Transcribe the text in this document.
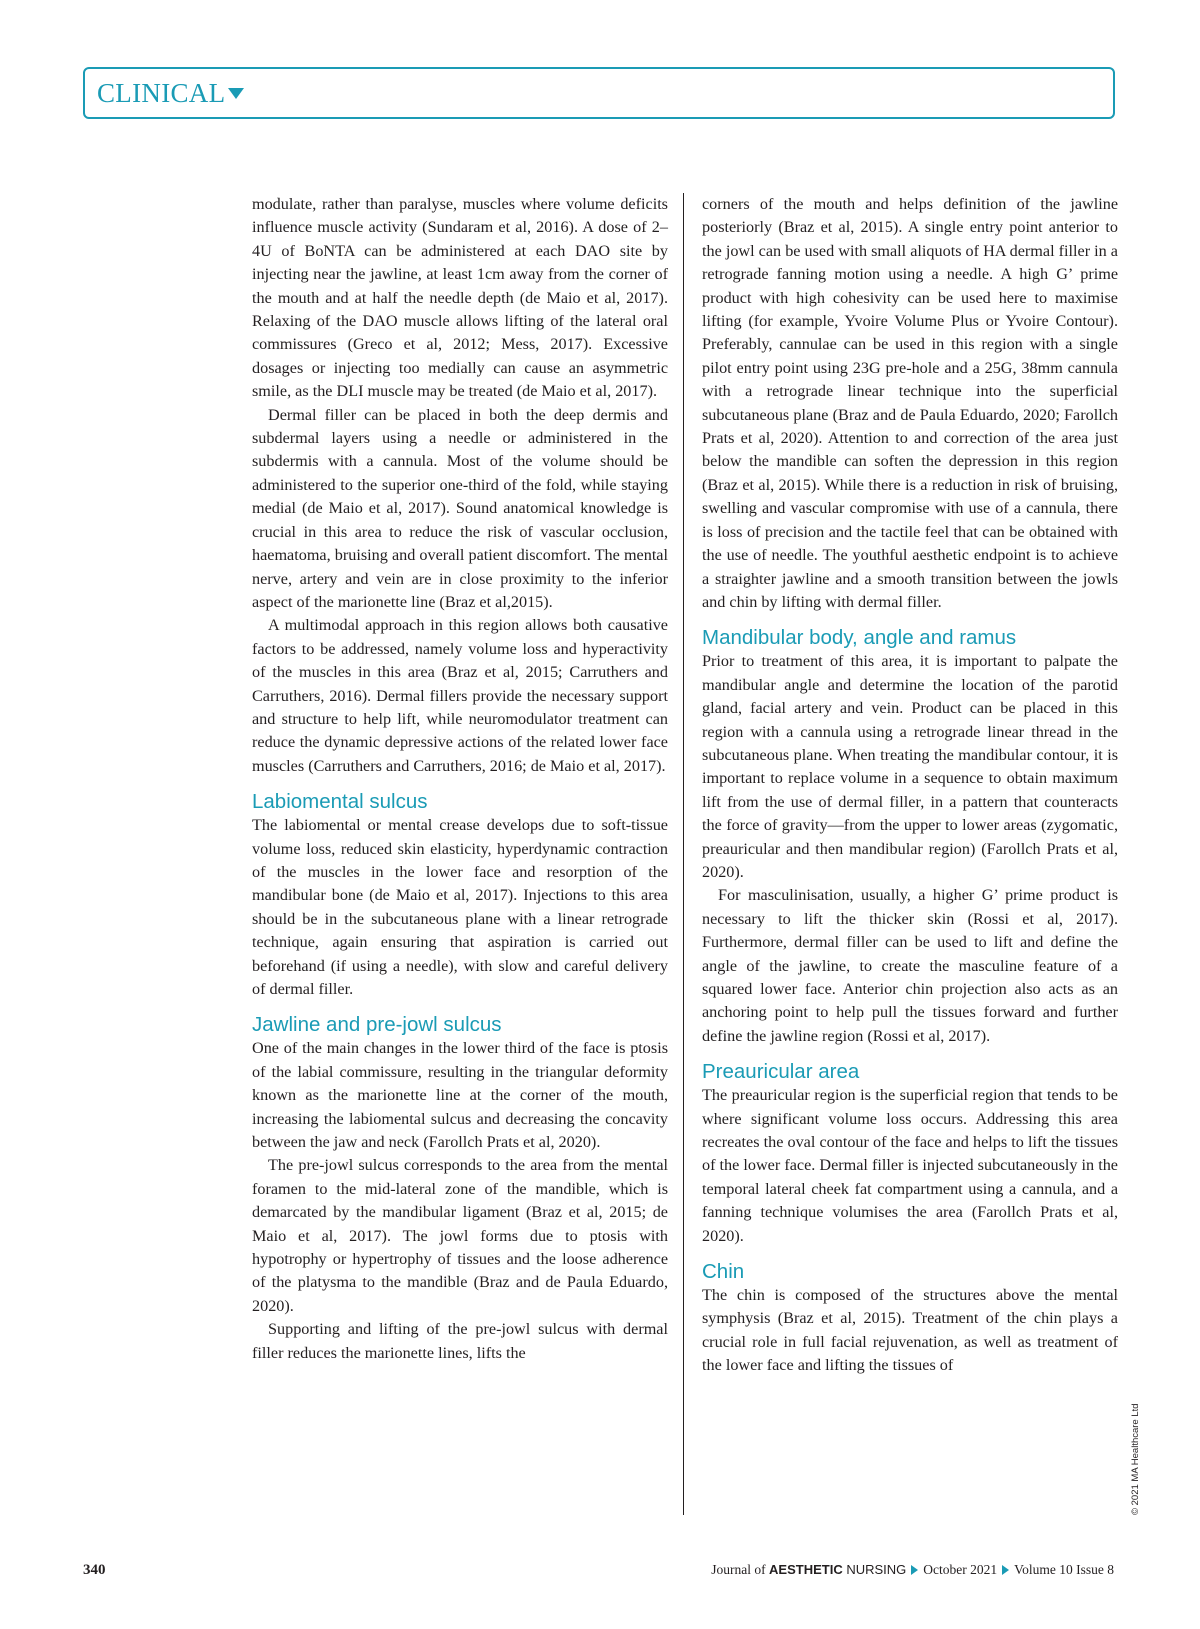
CLINICAL

modulate, rather than paralyse, muscles where volume deficits influence muscle activity (Sundaram et al, 2016). A dose of 2–4U of BoNTA can be administered at each DAO site by injecting near the jawline, at least 1cm away from the corner of the mouth and at half the needle depth (de Maio et al, 2017). Relaxing of the DAO muscle allows lifting of the lateral oral commissures (Greco et al, 2012; Mess, 2017). Excessive dosages or injecting too medially can cause an asymmetric smile, as the DLI muscle may be treated (de Maio et al, 2017).

Dermal filler can be placed in both the deep dermis and subdermal layers using a needle or administered in the subdermis with a cannula. Most of the volume should be administered to the superior one-third of the fold, while staying medial (de Maio et al, 2017). Sound anatomical knowledge is crucial in this area to reduce the risk of vascular occlusion, haematoma, bruising and overall patient discomfort. The mental nerve, artery and vein are in close proximity to the inferior aspect of the marionette line (Braz et al,2015).

A multimodal approach in this region allows both causative factors to be addressed, namely volume loss and hyperactivity of the muscles in this area (Braz et al, 2015; Carruthers and Carruthers, 2016). Dermal fillers provide the necessary support and structure to help lift, while neuromodulator treatment can reduce the dynamic depressive actions of the related lower face muscles (Carruthers and Carruthers, 2016; de Maio et al, 2017).

Labiomental sulcus

The labiomental or mental crease develops due to soft-tissue volume loss, reduced skin elasticity, hyperdynamic contraction of the muscles in the lower face and resorption of the mandibular bone (de Maio et al, 2017). Injections to this area should be in the subcutaneous plane with a linear retrograde technique, again ensuring that aspiration is carried out beforehand (if using a needle), with slow and careful delivery of dermal filler.

Jawline and pre-jowl sulcus

One of the main changes in the lower third of the face is ptosis of the labial commissure, resulting in the triangular deformity known as the marionette line at the corner of the mouth, increasing the labiomental sulcus and decreasing the concavity between the jaw and neck (Farollch Prats et al, 2020).

The pre-jowl sulcus corresponds to the area from the mental foramen to the mid-lateral zone of the mandible, which is demarcated by the mandibular ligament (Braz et al, 2015; de Maio et al, 2017). The jowl forms due to ptosis with hypotrophy or hypertrophy of tissues and the loose adherence of the platysma to the mandible (Braz and de Paula Eduardo, 2020).

Supporting and lifting of the pre-jowl sulcus with dermal filler reduces the marionette lines, lifts the

corners of the mouth and helps definition of the jawline posteriorly (Braz et al, 2015). A single entry point anterior to the jowl can be used with small aliquots of HA dermal filler in a retrograde fanning motion using a needle. A high G’ prime product with high cohesivity can be used here to maximise lifting (for example, Yvoire Volume Plus or Yvoire Contour). Preferably, cannulae can be used in this region with a single pilot entry point using 23G pre-hole and a 25G, 38mm cannula with a retrograde linear technique into the superficial subcutaneous plane (Braz and de Paula Eduardo, 2020; Farollch Prats et al, 2020). Attention to and correction of the area just below the mandible can soften the depression in this region (Braz et al, 2015). While there is a reduction in risk of bruising, swelling and vascular compromise with use of a cannula, there is loss of precision and the tactile feel that can be obtained with the use of needle. The youthful aesthetic endpoint is to achieve a straighter jawline and a smooth transition between the jowls and chin by lifting with dermal filler.

Mandibular body, angle and ramus

Prior to treatment of this area, it is important to palpate the mandibular angle and determine the location of the parotid gland, facial artery and vein. Product can be placed in this region with a cannula using a retrograde linear thread in the subcutaneous plane. When treating the mandibular contour, it is important to replace volume in a sequence to obtain maximum lift from the use of dermal filler, in a pattern that counteracts the force of gravity—from the upper to lower areas (zygomatic, preauricular and then mandibular region) (Farollch Prats et al, 2020).

For masculinisation, usually, a higher G’ prime product is necessary to lift the thicker skin (Rossi et al, 2017). Furthermore, dermal filler can be used to lift and define the angle of the jawline, to create the masculine feature of a squared lower face. Anterior chin projection also acts as an anchoring point to help pull the tissues forward and further define the jawline region (Rossi et al, 2017).

Preauricular area

The preauricular region is the superficial region that tends to be where significant volume loss occurs. Addressing this area recreates the oval contour of the face and helps to lift the tissues of the lower face. Dermal filler is injected subcutaneously in the temporal lateral cheek fat compartment using a cannula, and a fanning technique volumises the area (Farollch Prats et al, 2020).

Chin

The chin is composed of the structures above the mental symphysis (Braz et al, 2015). Treatment of the chin plays a crucial role in full facial rejuvenation, as well as treatment of the lower face and lifting the tissues of

© 2021 MA Healthcare Ltd
340	Journal of AESTHETIC NURSING October 2021 Volume 10 Issue 8
